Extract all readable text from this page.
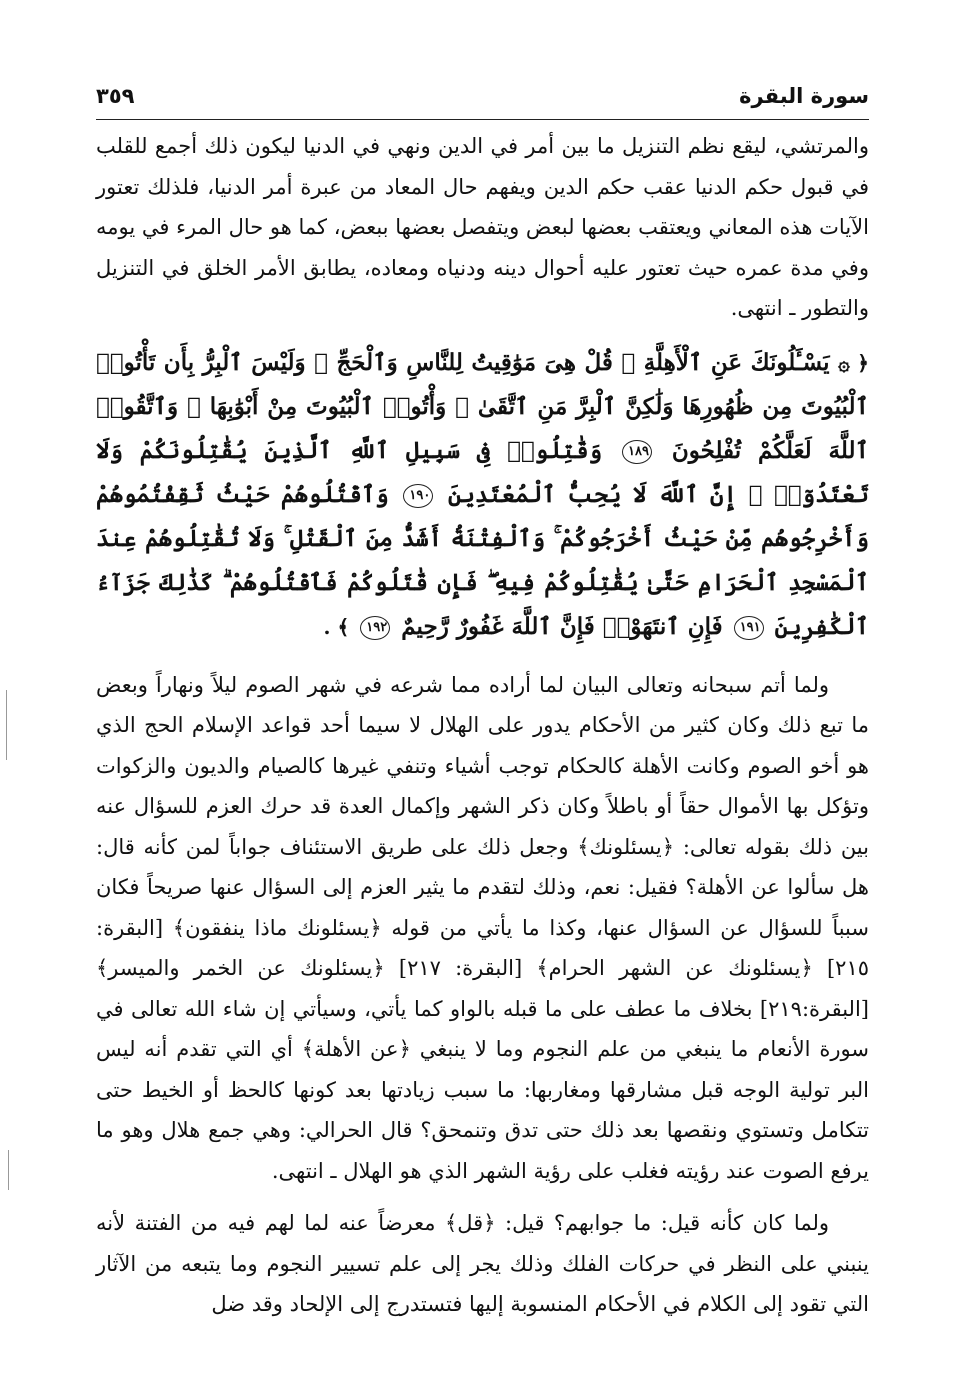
سورة البقرة
٣٥٩

والمرتشي، ليقع نظم التنزيل ما بين أمر في الدين ونهي في الدنيا ليكون ذلك أجمع للقلب في قبول حكم الدنيا عقب حكم الدين ويفهم حال المعاد من عبرة أمر الدنيا، فلذلك تعتور الآيات هذه المعاني ويعتقب بعضها لبعض ويتفصل بعضها ببعض، كما هو حال المرء في يومه وفي مدة عمره حيث تعتور عليه أحوال دينه ودنياه ومعاده، يطابق الأمر الخلق في التنزيل والتطور ـ انتهى.

﴿ ۞ يَسْـَٔلُونَكَ عَنِ ٱلْأَهِلَّةِ ۖ قُلْ هِىَ مَوَٰقِيتُ لِلنَّاسِ وَٱلْحَجِّ ۗ وَلَيْسَ ٱلْبِرُّ بِأَن تَأْتُوا۟ ٱلْبُيُوتَ مِن ظُهُورِهَا وَلَٰكِنَّ ٱلْبِرَّ مَنِ ٱتَّقَىٰ ۗ وَأْتُوا۟ ٱلْبُيُوتَ مِنْ أَبْوَٰبِهَا ۚ وَٱتَّقُوا۟ ٱللَّهَ لَعَلَّكُمْ تُفْلِحُونَ ١٨٩ وَقَٰتِلُوا۟ فِى سَبِيلِ ٱللَّهِ ٱلَّذِينَ يُقَٰتِلُونَكُمْ وَلَا تَعْتَدُوٓا۟ ۚ إِنَّ ٱللَّهَ لَا يُحِبُّ ٱلْمُعْتَدِينَ ١٩٠ وَٱقْتُلُوهُمْ حَيْثُ ثَقِفْتُمُوهُمْ وَأَخْرِجُوهُم مِّنْ حَيْثُ أَخْرَجُوكُمْ ۚ وَٱلْفِتْنَةُ أَشَدُّ مِنَ ٱلْقَتْلِ ۚ وَلَا تُقَٰتِلُوهُمْ عِندَ ٱلْمَسْجِدِ ٱلْحَرَامِ حَتَّىٰ يُقَٰتِلُوكُمْ فِيهِ ۖ فَإِن قَٰتَلُوكُمْ فَٱقْتُلُوهُمْ ۗ كَذَٰلِكَ جَزَآءُ ٱلْكَٰفِرِينَ ١٩١ فَإِنِ ٱنتَهَوْا۟ فَإِنَّ ٱللَّهَ غَفُورٌ رَّحِيمٌ ١٩٢ ﴾ .

ولما أتم سبحانه وتعالى البيان لما أراده مما شرعه في شهر الصوم ليلاً ونهاراً وبعض ما تبع ذلك وكان كثير من الأحكام يدور على الهلال لا سيما أحد قواعد الإسلام الحج الذي هو أخو الصوم وكانت الأهلة كالحكام توجب أشياء وتنفي غيرها كالصيام والديون والزكوات وتؤكل بها الأموال حقاً أو باطلاً وكان ذكر الشهر وإكمال العدة قد حرك العزم للسؤال عنه بين ذلك بقوله تعالى: ﴿يسئلونك﴾ وجعل ذلك على طريق الاستئناف جواباً لمن كأنه قال: هل سألوا عن الأهلة؟ فقيل: نعم، وذلك لتقدم ما يثير العزم إلى السؤال عنها صريحاً فكان سبباً للسؤال عن السؤال عنها، وكذا ما يأتي من قوله ﴿يسئلونك ماذا ينفقون﴾ [البقرة: ٢١٥] ﴿يسئلونك عن الشهر الحرام﴾ [البقرة: ٢١٧] ﴿يسئلونك عن الخمر والميسر﴾ [البقرة:٢١٩] بخلاف ما عطف على ما قبله بالواو كما يأتي، وسيأتي إن شاء الله تعالى في سورة الأنعام ما ينبغي من علم النجوم وما لا ينبغي ﴿عن الأهلة﴾ أي التي تقدم أنه ليس البر تولية الوجه قبل مشارقها ومغاربها: ما سبب زيادتها بعد كونها كالحظ أو الخيط حتى تتكامل وتستوي ونقصها بعد ذلك حتى تدق وتنمحق؟ قال الحرالي: وهي جمع هلال وهو ما يرفع الصوت عند رؤيته فغلب على رؤية الشهر الذي هو الهلال ـ انتهى.

ولما كان كأنه قيل: ما جوابهم؟ قيل: ﴿قل﴾ معرضاً عنه لما لهم فيه من الفتنة لأنه ينبني على النظر في حركات الفلك وذلك يجر إلى علم تسيير النجوم وما يتبعه من الآثار التي تقود إلى الكلام في الأحكام المنسوبة إليها فتستدرج إلى الإلحاد وقد ضل
